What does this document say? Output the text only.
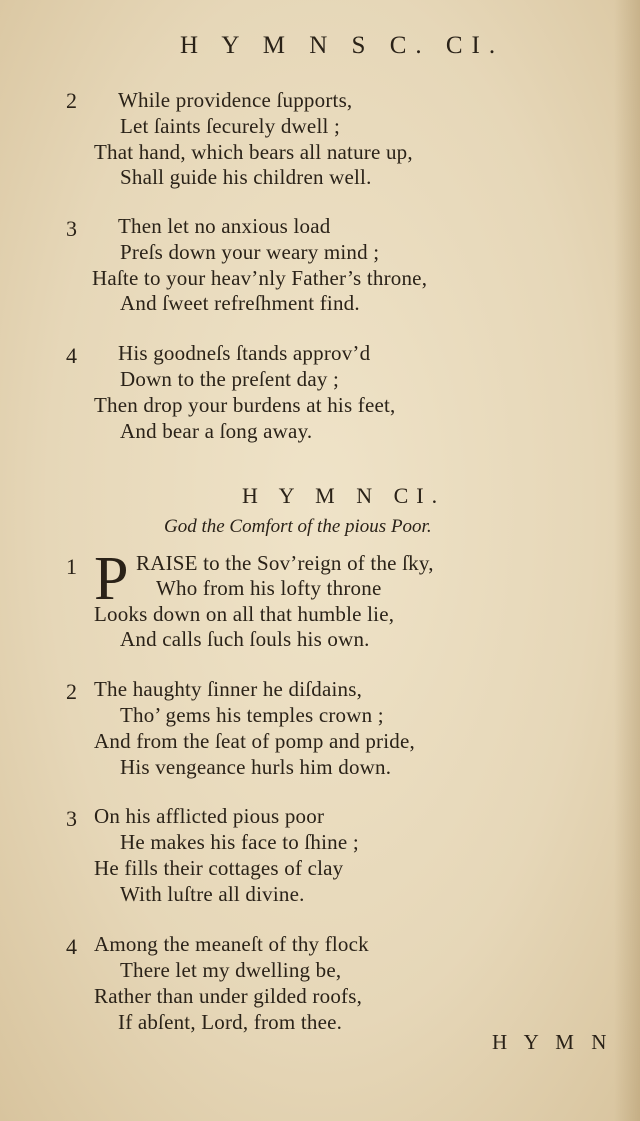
H Y M N S C. CI.
2 While providence ſupports,
Let ſaints ſecurely dwell ;
That hand, which bears all nature up,
Shall guide his children well.
3 Then let no anxious load
Preſs down your weary mind ;
Haſte to your heav’nly Father’s throne,
And ſweet refreſhment find.
4 His goodneſs ſtands approv’d
Down to the preſent day ;
Then drop your burdens at his feet,
And bear a ſong away.
H Y M N CI.
God the Comfort of the pious Poor.
1 P RAISE to the Sov’reign of the ſky,
Who from his lofty throne
Looks down on all that humble lie,
And calls ſuch ſouls his own.
2 The haughty ſinner he diſdains,
Tho’ gems his temples crown ;
And from the ſeat of pomp and pride,
His vengeance hurls him down.
3 On his afflicted pious poor
He makes his face to ſhine ;
He fills their cottages of clay
With luſtre all divine.
4 Among the meaneſt of thy flock
There let my dwelling be,
Rather than under gilded roofs,
If abſent, Lord, from thee.
H Y M N
